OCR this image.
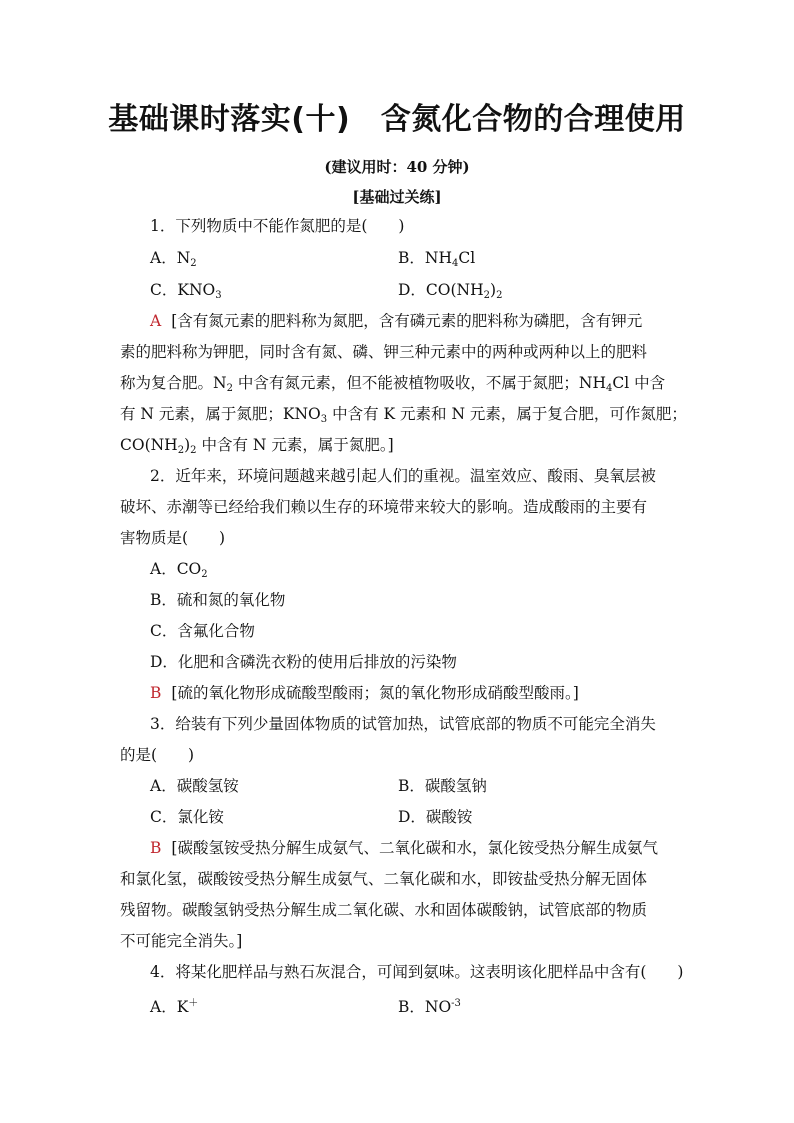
基础课时落实(十)　含氮化合物的合理使用
(建议用时：40 分钟)
[基础过关练]
1．下列物质中不能作氮肥的是(　　)
A．$N_2$	B．$NH_4Cl$
C．$KNO_3$	D．$CO(NH_2)_2$
A [含有氮元素的肥料称为氮肥，含有磷元素的肥料称为磷肥，含有钾元
素的肥料称为钾肥，同时含有氮、磷、钾三种元素中的两种或两种以上的肥料
称为复合肥。$N_2$ 中含有氮元素，但不能被植物吸收，不属于氮肥；$NH_4Cl$ 中含
有 N 元素，属于氮肥；$KNO_3$ 中含有 K 元素和 N 元素，属于复合肥，可作氮肥；
$CO(NH_2)_2$ 中含有 N 元素，属于氮肥。]
2．近年来，环境问题越来越引起人们的重视。温室效应、酸雨、臭氧层被
破坏、赤潮等已经给我们赖以生存的环境带来较大的影响。造成酸雨的主要有
害物质是(　　)
A．$CO_2$
B．硫和氮的氧化物
C．含氟化合物
D．化肥和含磷洗衣粉的使用后排放的污染物
B [硫的氧化物形成硫酸型酸雨；氮的氧化物形成硝酸型酸雨。]
3．给装有下列少量固体物质的试管加热，试管底部的物质不可能完全消失
的是(　　)
A．碳酸氢铵	B．碳酸氢钠
C．氯化铵	D．碳酸铵
B [碳酸氢铵受热分解生成氨气、二氧化碳和水，氯化铵受热分解生成氨气
和氯化氢，碳酸铵受热分解生成氨气、二氧化碳和水，即铵盐受热分解无固体
残留物。碳酸氢钠受热分解生成二氧化碳、水和固体碳酸钠，试管底部的物质
不可能完全消失。]
4．将某化肥样品与熟石灰混合，可闻到氨味。这表明该化肥样品中含有(　　)
A．K＋	B．$NO^{-3}$
